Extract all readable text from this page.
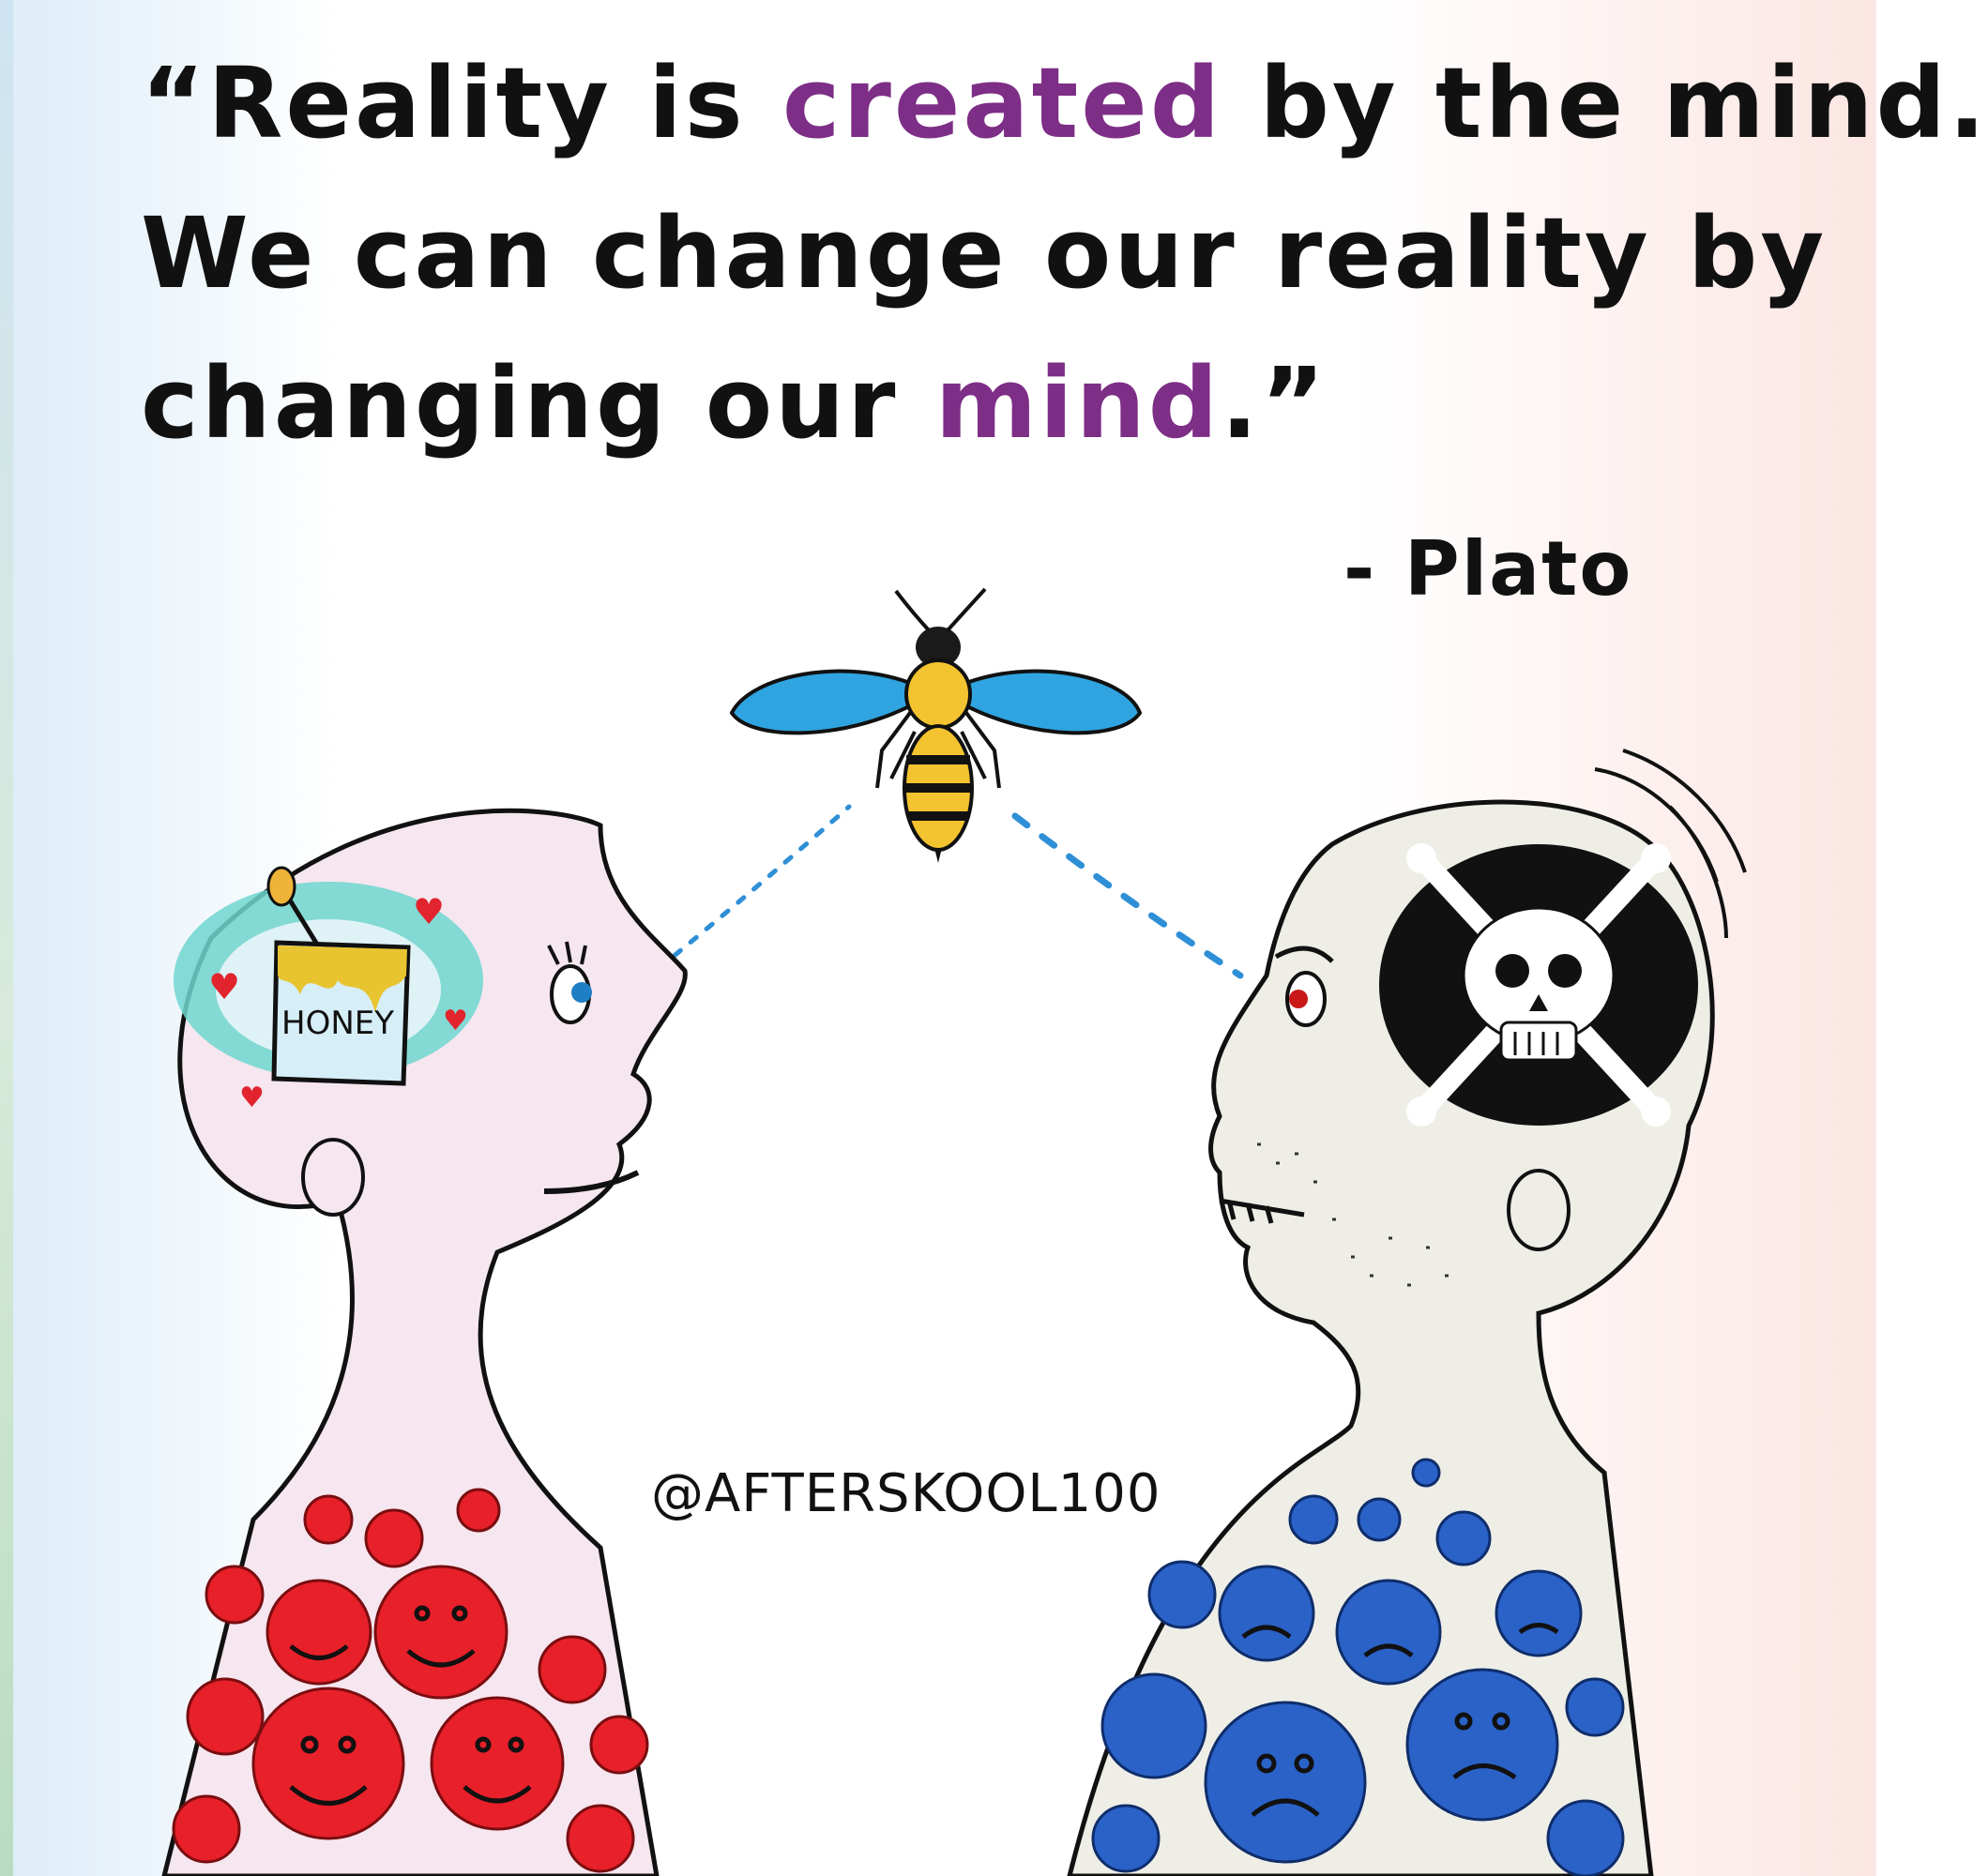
“Reality is created by the mind.
We can change our reality by
changing our mind.”

- Plato
♥
♥
♥
♥
HONEY
@AFTERSKOOL100
